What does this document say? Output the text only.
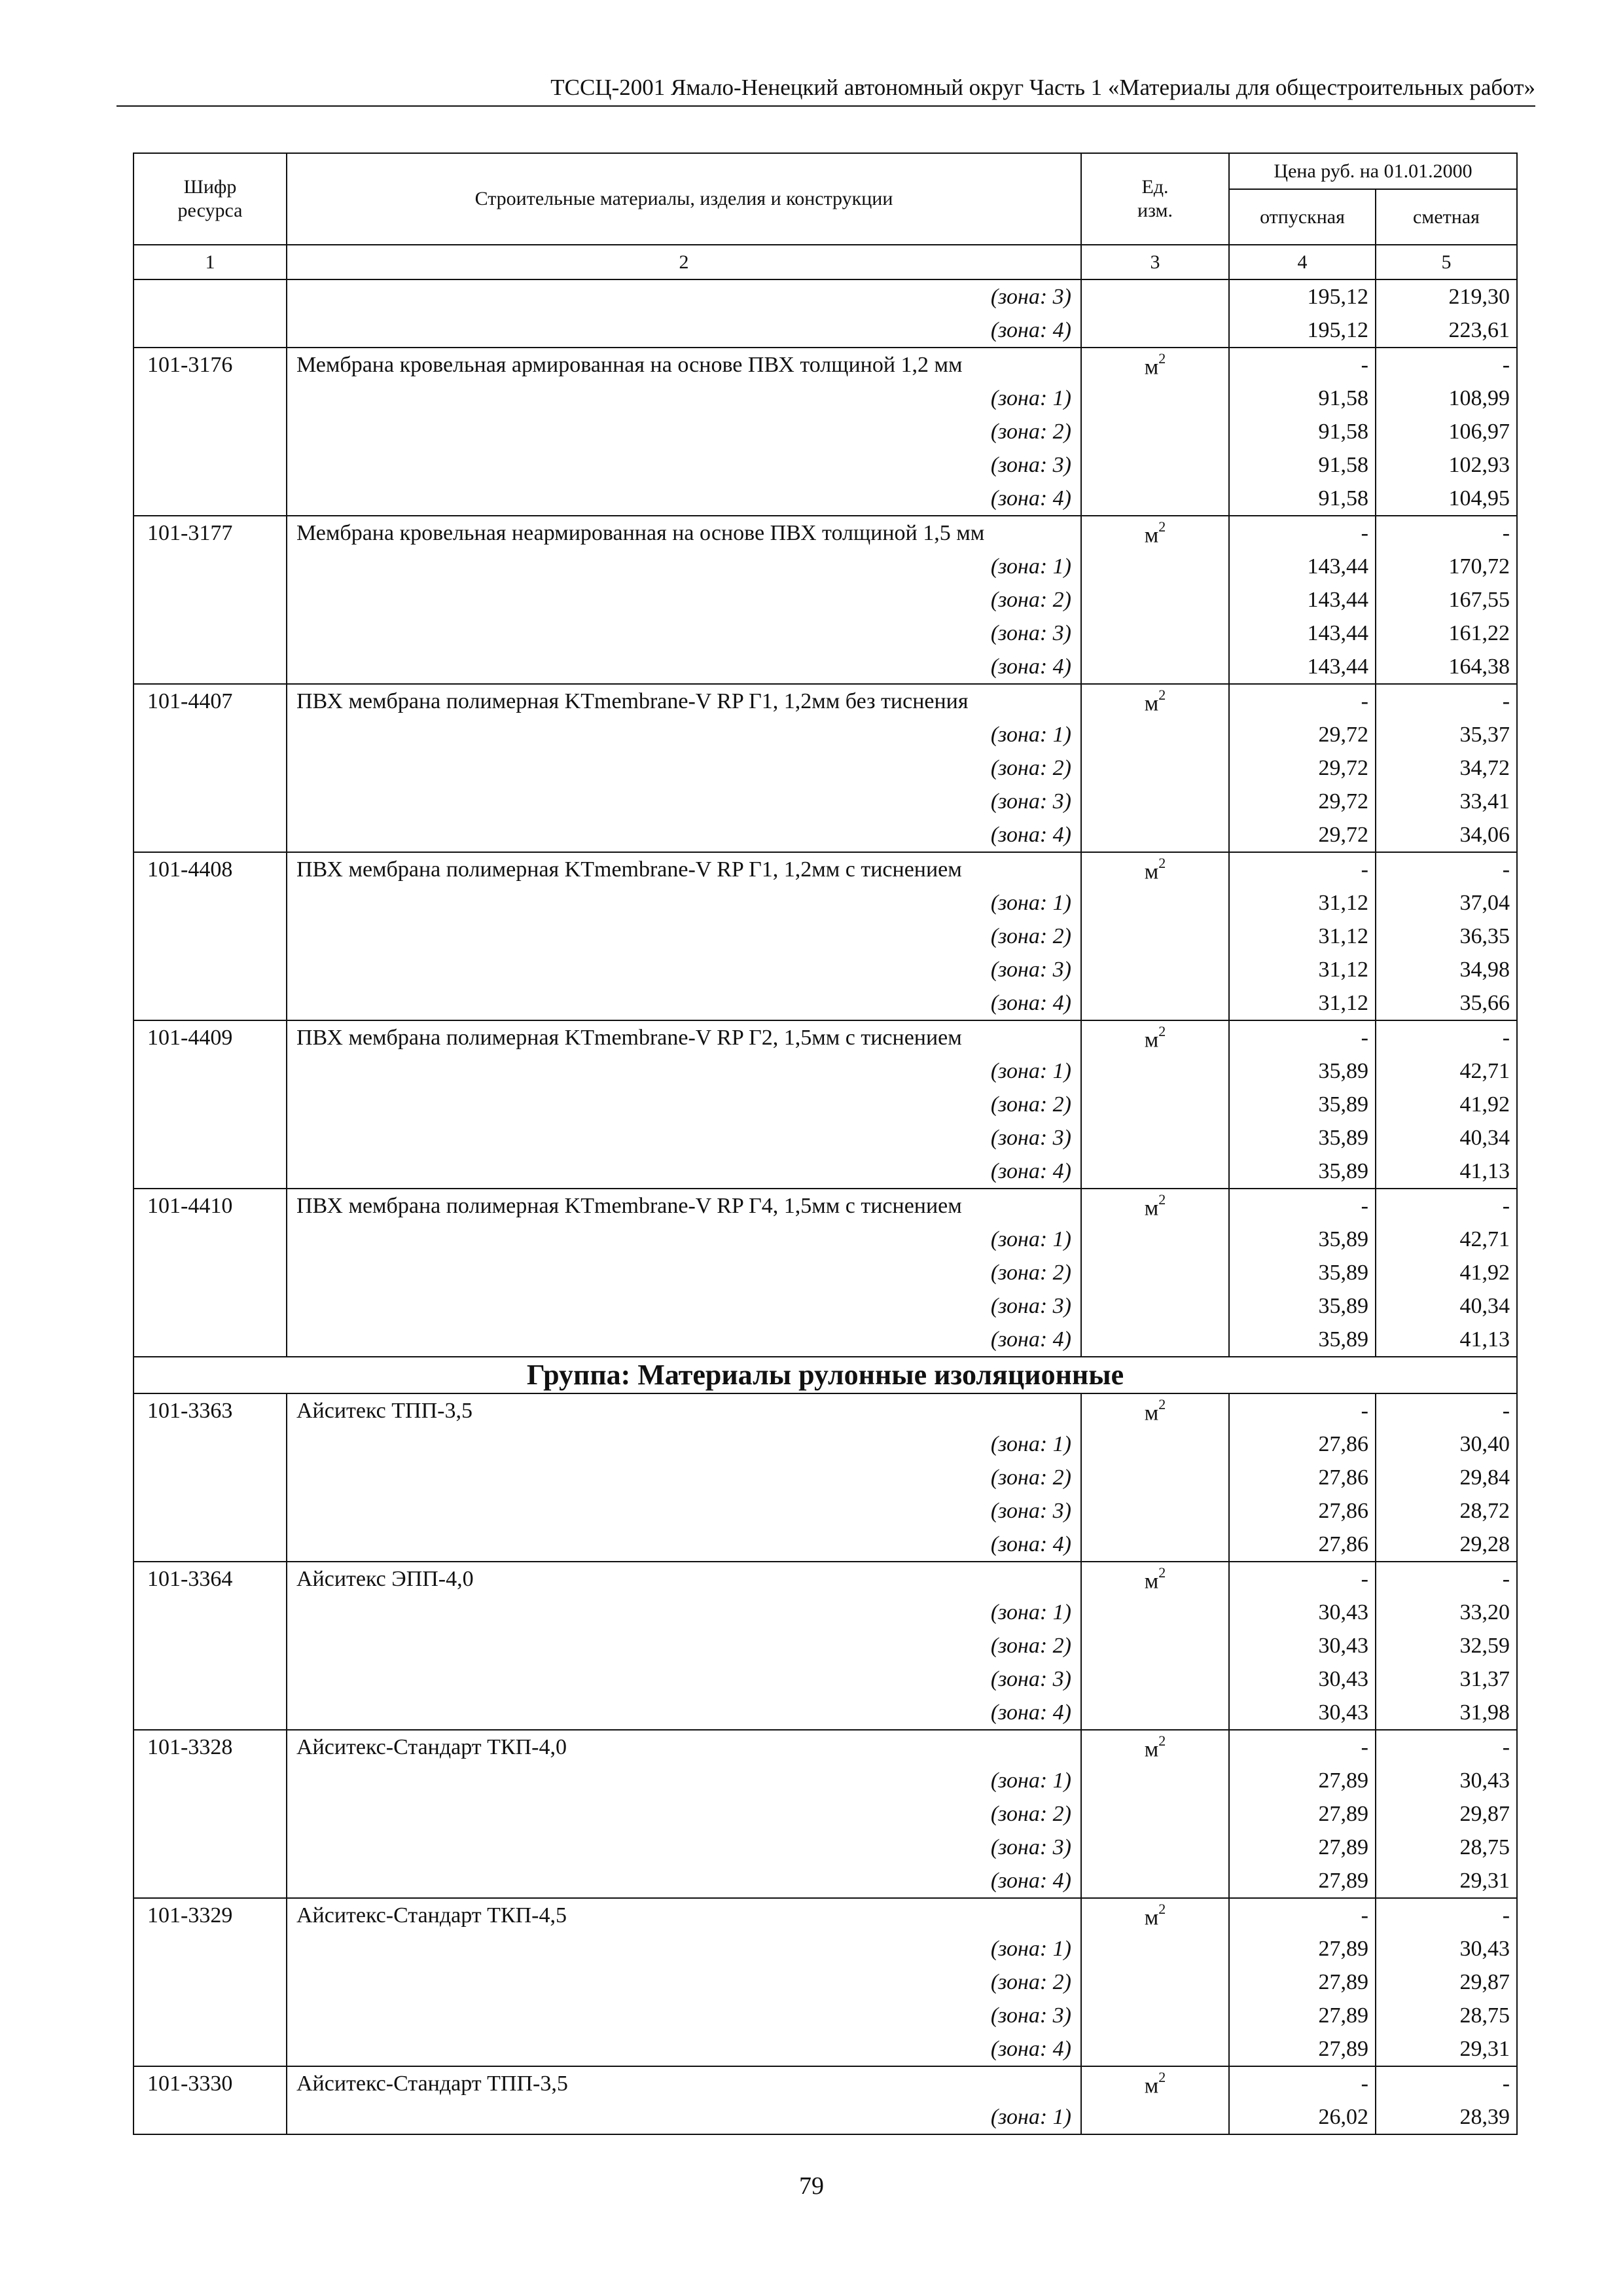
ТССЦ-2001 Ямало-Ненецкий автономный округ Часть 1 «Материалы для общестроительных работ»
Шифр ресурса	Строительные материалы, изделия и конструкции	Ед. изм.	Цена руб. на 01.01.2000	
			отпускная	сметная
1	2	3	4	5
	(зона: 3)		195,12	219,30
	(зона: 4)		195,12	223,61
101-3176	Мембрана кровельная армированная на основе ПВХ толщиной 1,2 мм	$м^2$	-	-
	(зона: 1)		91,58	108,99
	(зона: 2)		91,58	106,97
	(зона: 3)		91,58	102,93
	(зона: 4)		91,58	104,95
101-3177	Мембрана кровельная неармированная на основе ПВХ толщиной 1,5 мм	$м^2$	-	-
	(зона: 1)		143,44	170,72
	(зона: 2)		143,44	167,55
	(зона: 3)		143,44	161,22
	(зона: 4)		143,44	164,38
101-4407	ПВХ мембрана полимерная KTmembrane-V RP Г1, 1,2мм без тиснения	$м^2$	-	-
	(зона: 1)		29,72	35,37
	(зона: 2)		29,72	34,72
	(зона: 3)		29,72	33,41
	(зона: 4)		29,72	34,06
101-4408	ПВХ мембрана полимерная KTmembrane-V RP Г1, 1,2мм с тиснением	$м^2$	-	-
	(зона: 1)		31,12	37,04
	(зона: 2)		31,12	36,35
	(зона: 3)		31,12	34,98
	(зона: 4)		31,12	35,66
101-4409	ПВХ мембрана полимерная KTmembrane-V RP Г2, 1,5мм с тиснением	$м^2$	-	-
	(зона: 1)		35,89	42,71
	(зона: 2)		35,89	41,92
	(зона: 3)		35,89	40,34
	(зона: 4)		35,89	41,13
101-4410	ПВХ мембрана полимерная KTmembrane-V RP Г4, 1,5мм с тиснением	$м^2$	-	-
	(зона: 1)		35,89	42,71
	(зона: 2)		35,89	41,92
	(зона: 3)		35,89	40,34
	(зона: 4)		35,89	41,13
Группа: Материалы рулонные изоляционные				
101-3363	Айситекс ТПП-3,5	$м^2$	-	-
	(зона: 1)		27,86	30,40
	(зона: 2)		27,86	29,84
	(зона: 3)		27,86	28,72
	(зона: 4)		27,86	29,28
101-3364	Айситекс ЭПП-4,0	$м^2$	-	-
	(зона: 1)		30,43	33,20
	(зона: 2)		30,43	32,59
	(зона: 3)		30,43	31,37
	(зона: 4)		30,43	31,98
101-3328	Айситекс-Стандарт ТКП-4,0	$м^2$	-	-
	(зона: 1)		27,89	30,43
	(зона: 2)		27,89	29,87
	(зона: 3)		27,89	28,75
	(зона: 4)		27,89	29,31
101-3329	Айситекс-Стандарт ТКП-4,5	$м^2$	-	-
	(зона: 1)		27,89	30,43
	(зона: 2)		27,89	29,87
	(зона: 3)		27,89	28,75
	(зона: 4)		27,89	29,31
101-3330	Айситекс-Стандарт ТПП-3,5	$м^2$	-	-
	(зона: 1)		26,02	28,39
79
